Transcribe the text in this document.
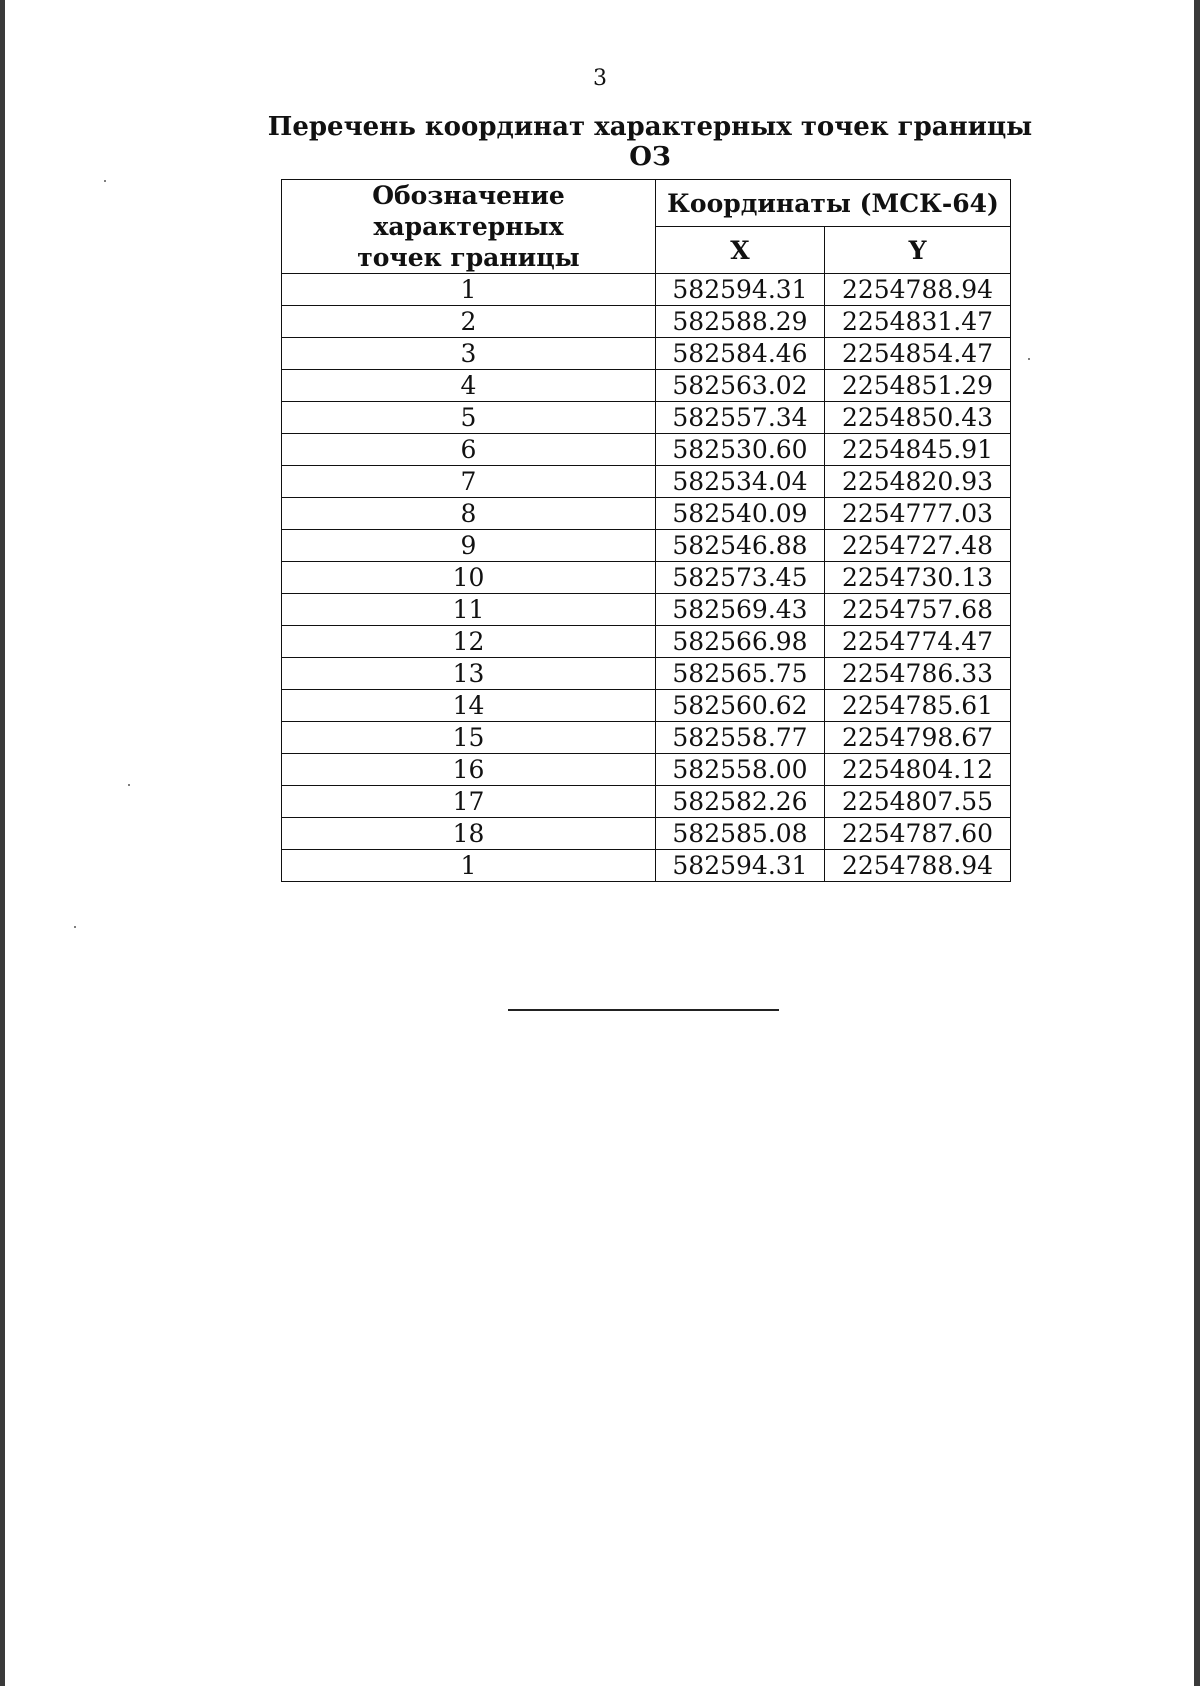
3
Перечень координат характерных точек границы ОЗ
Обозначение характерных
точек границы	Координаты (МСК-64)	
	X	Y
1	582594.31	2254788.94
2	582588.29	2254831.47
3	582584.46	2254854.47
4	582563.02	2254851.29
5	582557.34	2254850.43
6	582530.60	2254845.91
7	582534.04	2254820.93
8	582540.09	2254777.03
9	582546.88	2254727.48
10	582573.45	2254730.13
11	582569.43	2254757.68
12	582566.98	2254774.47
13	582565.75	2254786.33
14	582560.62	2254785.61
15	582558.77	2254798.67
16	582558.00	2254804.12
17	582582.26	2254807.55
18	582585.08	2254787.60
1	582594.31	2254788.94
